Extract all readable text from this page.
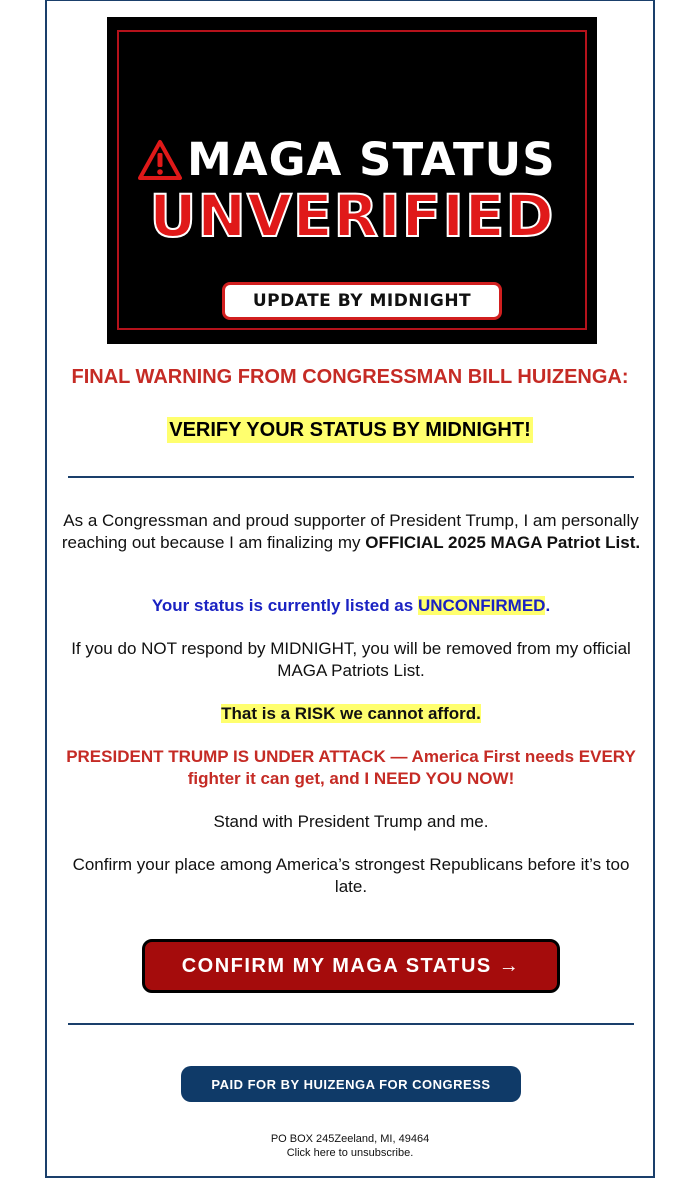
MAGA STATUS
UNVERIFIED
UPDATE BY MIDNIGHT
FINAL WARNING FROM CONGRESSMAN BILL HUIZENGA:
VERIFY YOUR STATUS BY MIDNIGHT!
As a Congressman and proud supporter of President Trump, I am personally reaching out because I am finalizing my OFFICIAL 2025 MAGA Patriot List.
Your status is currently listed as UNCONFIRMED.
If you do NOT respond by MIDNIGHT, you will be removed from my official MAGA Patriots List.
That is a RISK we cannot afford.
PRESIDENT TRUMP IS UNDER ATTACK — America First needs EVERY fighter it can get, and I NEED YOU NOW!
Stand with President Trump and me.
Confirm your place among America’s strongest Republicans before it’s too late.
CONFIRM MY MAGA STATUS →
PAID FOR BY HUIZENGA FOR CONGRESS
PO BOX 245Zeeland, MI, 49464
Click here to unsubscribe.
